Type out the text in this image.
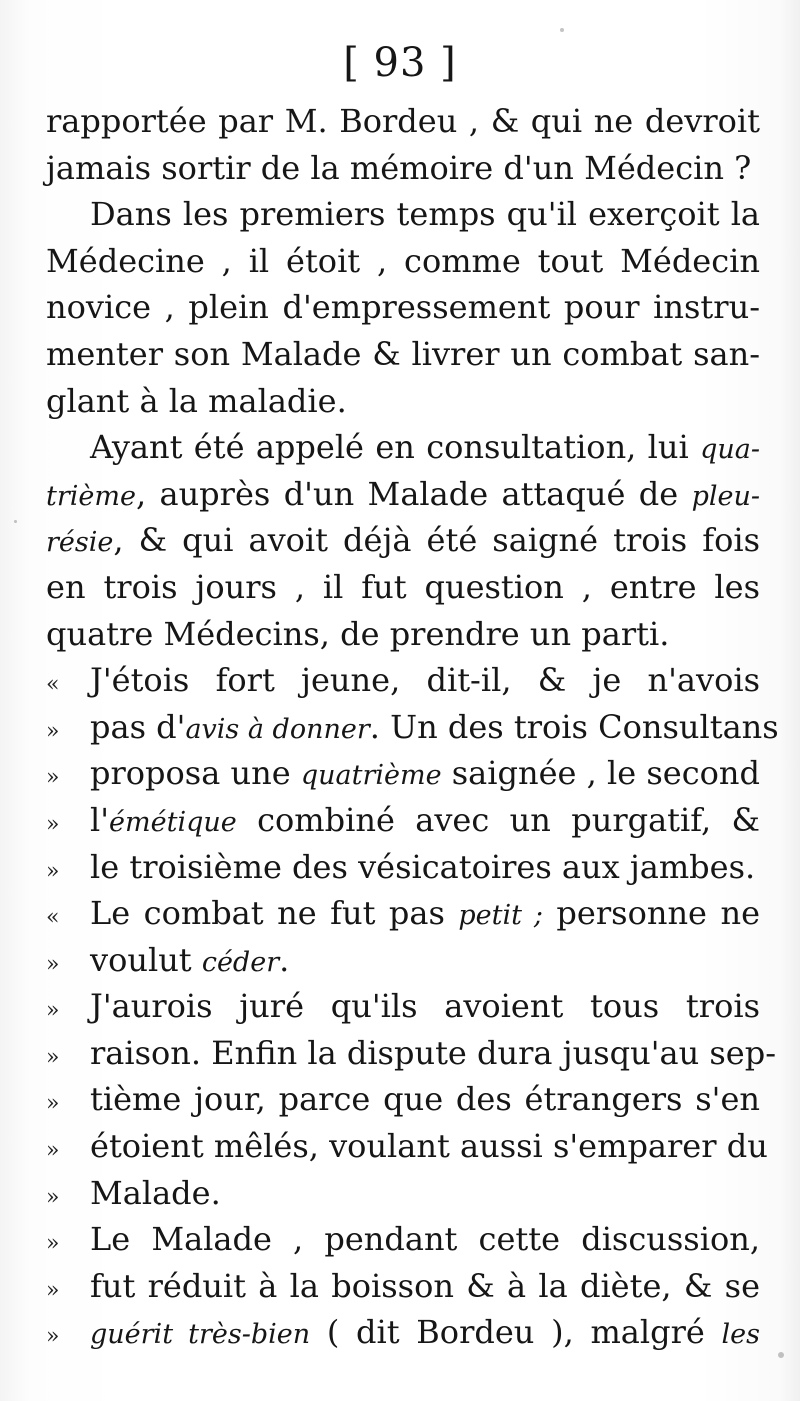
[ 93 ]
rapportée par M. Bordeu , & qui ne devroit
jamais sortir de la mémoire d'un Médecin ?
Dans les premiers temps qu'il exerçoit la
Médecine , il étoit , comme tout Médecin
novice , plein d'empressement pour instru-
menter son Malade & livrer un combat san-
glant à la maladie.
Ayant été appelé en consultation, lui qua-
trième, auprès d'un Malade attaqué de pleu-
résie, & qui avoit déjà été saigné trois fois
en trois jours , il fut question , entre les
quatre Médecins, de prendre un parti.
« J'étois fort jeune, dit-il, & je n'avois
» pas d'avis à donner. Un des trois Consultans
» proposa une quatrième saignée , le second
» l'émétique combiné avec un purgatif, &
» le troisième des vésicatoires aux jambes.
« Le combat ne fut pas petit ; personne ne
» voulut céder.
» J'aurois juré qu'ils avoient tous trois
» raison. Enfin la dispute dura jusqu'au sep-
» tième jour, parce que des étrangers s'en
» étoient mêlés, voulant aussi s'emparer du
» Malade.
» Le Malade , pendant cette discussion,
» fut réduit à la boisson & à la diète, & se
»	guérit très-bien ( dit Bordeu ), malgré les
